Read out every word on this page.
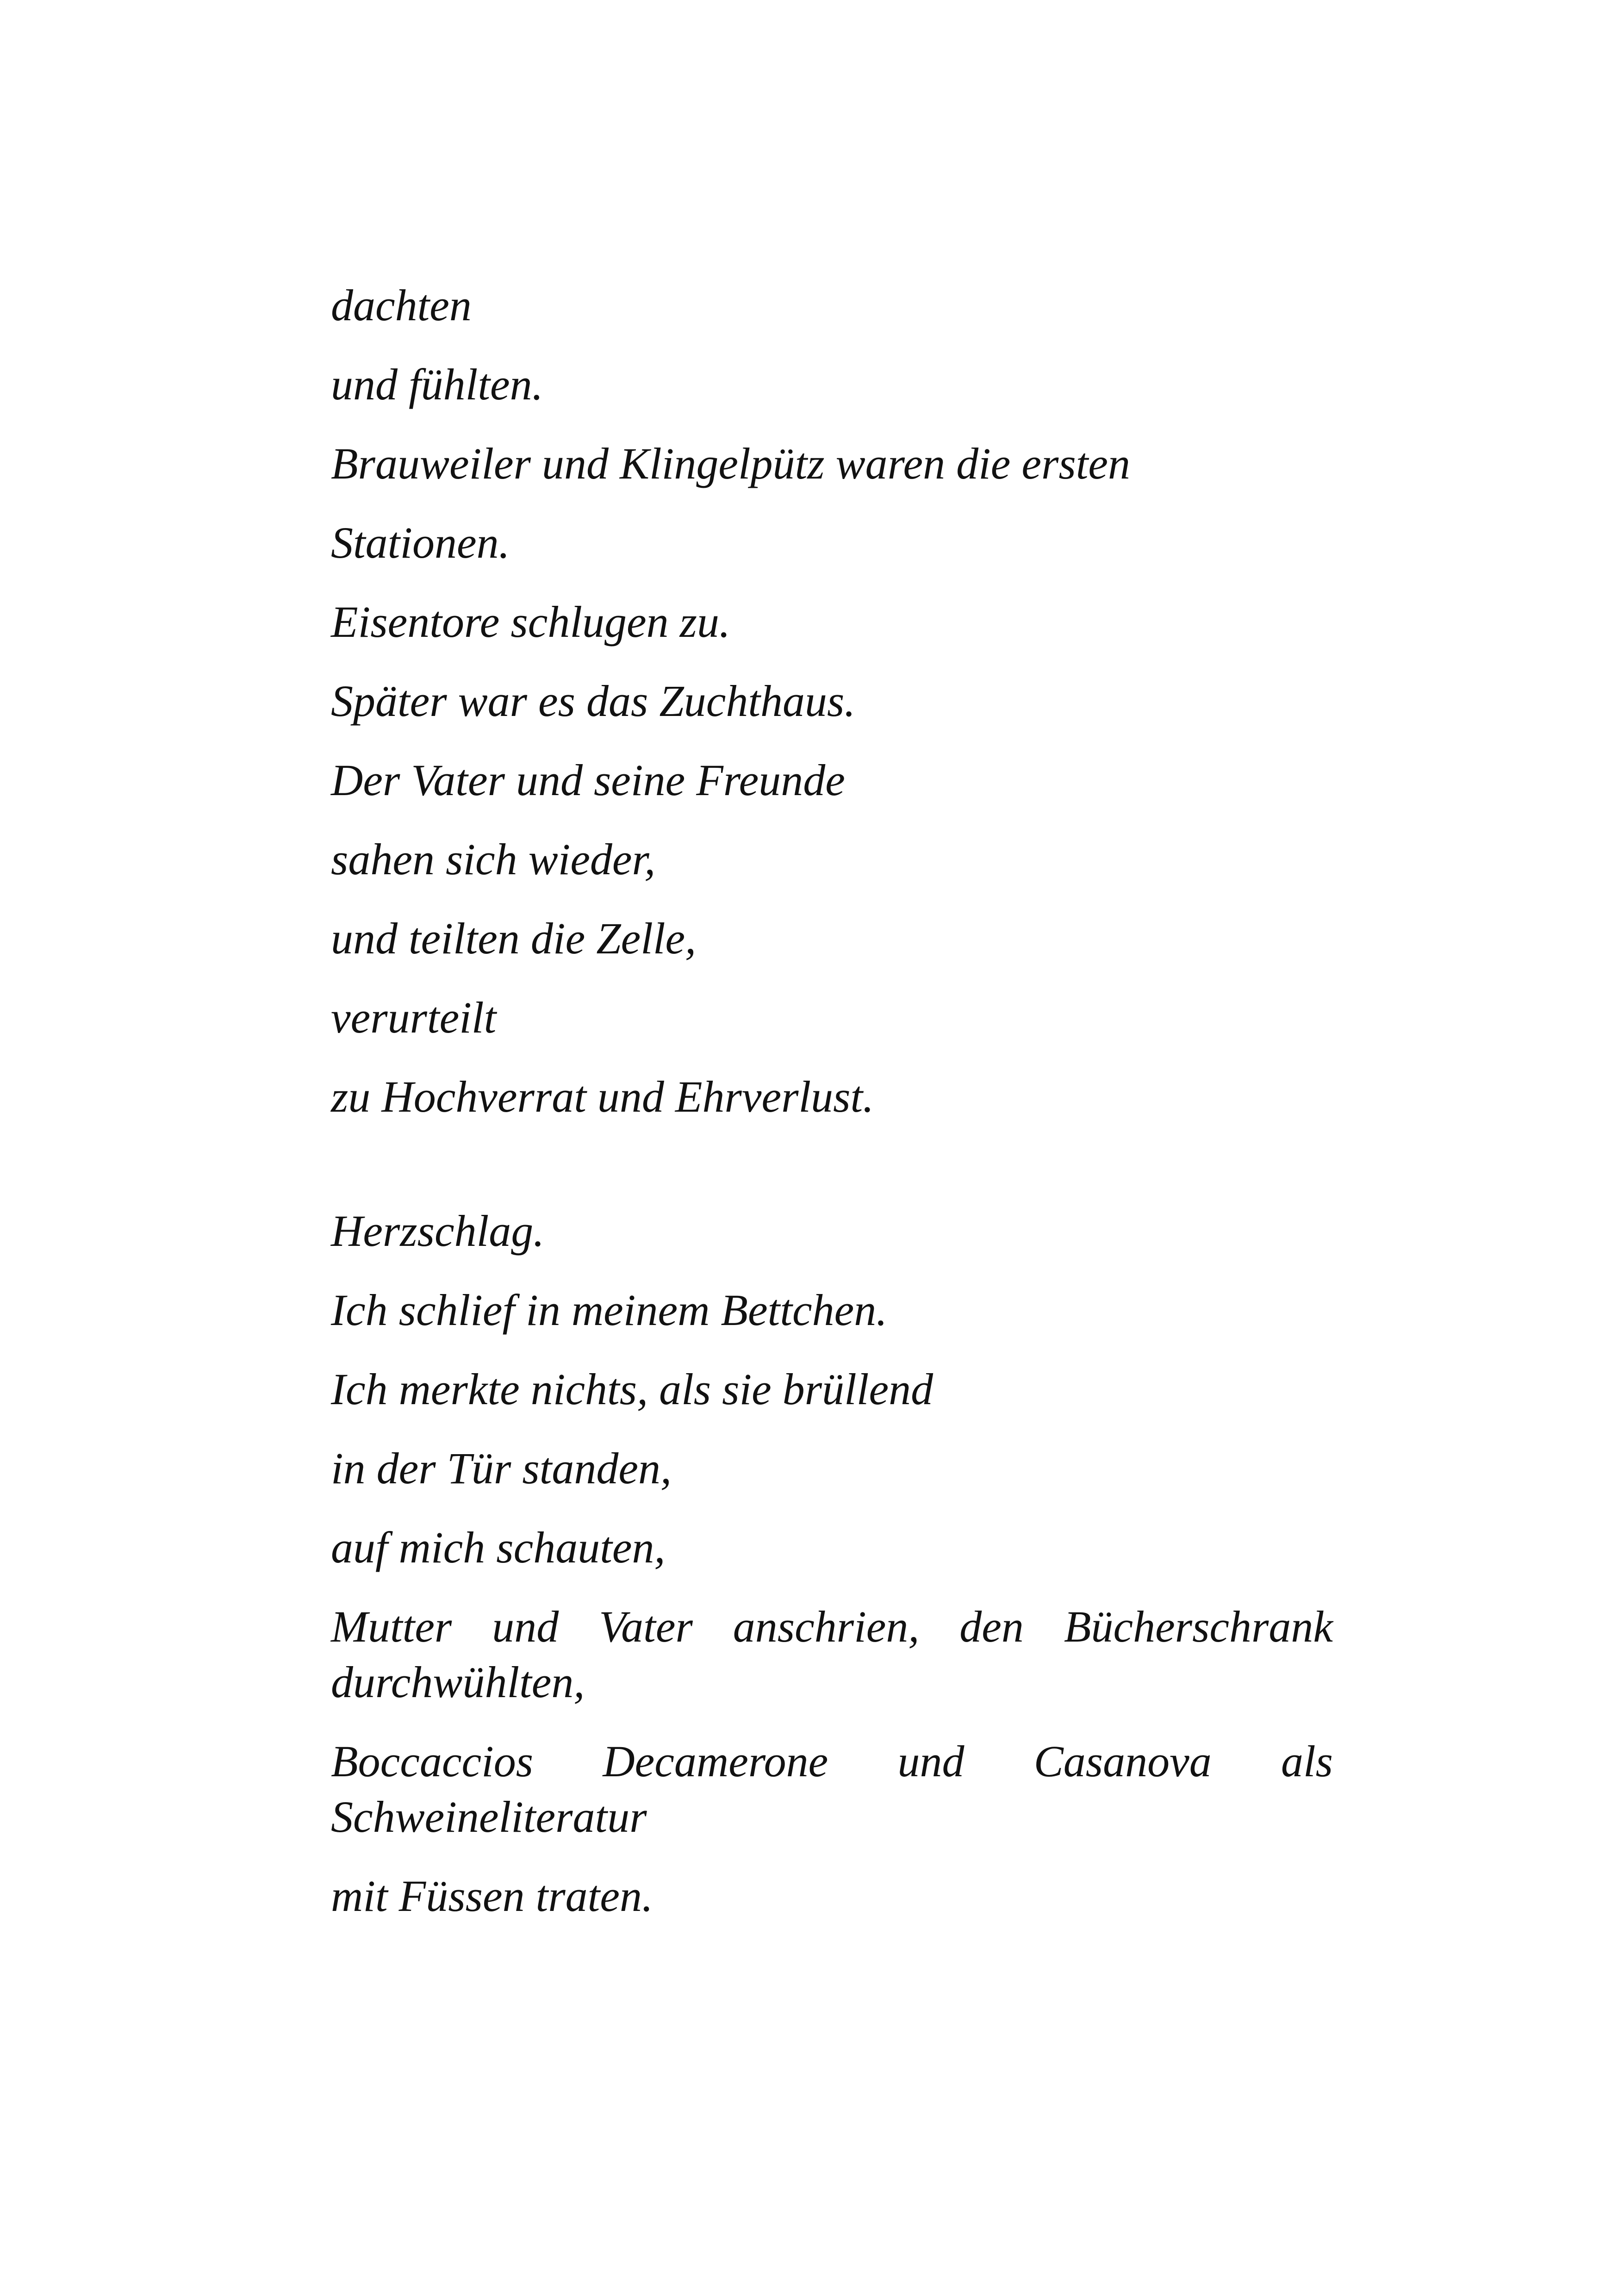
dachten

und fühlten.

Brauweiler und Klingelpütz waren die ersten

Stationen.

Eisentore schlugen zu.

Später war es das Zuchthaus.

Der Vater und seine Freunde

sahen sich wieder,

und teilten die Zelle,

verurteilt

zu Hochverrat und Ehrverlust.

Herzschlag.

Ich schlief in meinem Bettchen.

Ich merkte nichts, als sie brüllend

in der Tür standen,

auf mich schauten,

Mutter und Vater anschrien, den Bücherschrank durchwühlten,

Boccaccios Decamerone und Casanova als Schweineliteratur

mit Füssen traten.
